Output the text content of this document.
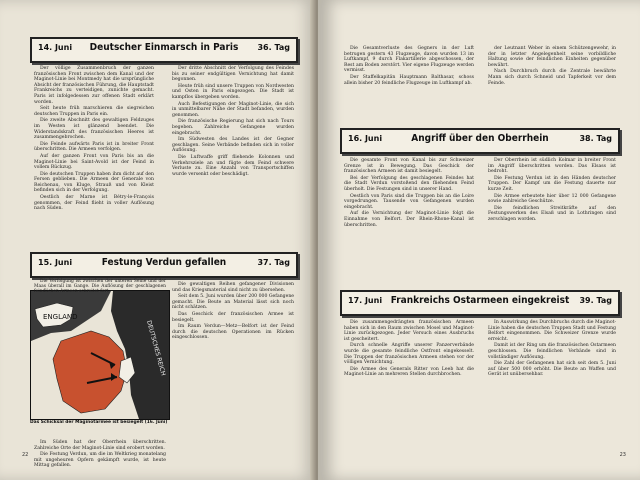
14. Juni	Deutscher Einmarsch in Paris	36. Tag

Der völlige Zusammenbruch der ganzen französischen Front zwischen dem Kanal und der Maginot-Linie bei Montmedy hat die ursprüngliche Absicht der französischen Führung, die Hauptstadt Frankreichs zu verteidigen, zunichte gemacht. Paris ist infolgedessen zur offenen Stadt erklärt worden.

Seit heute früh marschieren die siegreichen deutschen Truppen in Paris ein.

Die zweite Abschnitt des gewaltigen Feldzuges im Westen ist glänzend beendet. Die Widerstandskraft des französischen Heeres ist zusammengebrochen.

Die Feinde aufwärts Paris ist in breiter Front überschritten. Die Armeen verfolgen.

Auf der ganzen Front von Paris bis an die Maginot-Linie bei Saint-Avold ist der Feind in vollem Rückzug.

Die deutschen Truppen haben ihm dicht auf den Fersen geblieben. Die Armeen der Generale von Reichenau, von Kluge, Strauß und von Kleist befinden sich in der Verfolgung.

Oestlich der Marne ist Bétry-le-François genommen, der Feind flieht in voller Auflösung nach Süden.

Der dritte Abschnitt der Verfolgung des Feindes bis zu seiner endgültigen Vernichtung hat damit begonnen.

Heute früh sind unsere Truppen von Nordwesten und Osten in Paris eingezogen. Die Stadt ist kampflos übergeben worden.

Auch Befestigungen der Maginot-Linie, die sich in unmittelbarer Nähe der Stadt befanden, wurden genommen.

Die französische Regierung hat sich nach Tours begeben. Zahlreiche Gefangene wurden eingebracht.

Im Südwesten des Landes ist der Gegner geschlagen. Seine Verbände befinden sich in voller Auflösung.

Die Luftwaffe griff fliehende Kolonnen und Verkehrsziele an und fügte dem Feind schwere Verluste zu. Eine Anzahl von Transportschiffen wurde versenkt oder beschädigt.

15. Juni	Festung Verdun gefallen	37. Tag
ENGLAND
DEUTSCHES REICH
Das Schicksal der Maginotarmee ist besiegelt (16. Juni)

Die gewaltigen Reihen gefangener Divisionen und das Kriegsmaterial sind nicht zu übersehen.

Seit dem 5. Juni wurden über 200 000 Gefangene gemacht. Die Beute an Material lässt sich noch nicht schätzen.

Das Geschick der französischen Armee ist besiegelt.

Im Raum Verdun—Metz—Belfort ist der Feind durch die deutschen Operationen im Rücken eingeschlossen.

22

Die Gesamtverluste des Gegners in der Luft betrugen gestern 43 Flugzeuge, davon wurden 13 im Luftkampf, 9 durch Flakartillerie abgeschossen, der Rest am Boden zerstört. Vier eigene Flugzeuge werden vermisst.

Der Staffelkapitän Hauptmann Balthasar, schoss allein bisher 20 feindliche Flugzeuge im Luftkampf ab.

der Leutnant Weber in einem Schützengewehr, in der in letzter Angelegenheit seine vorbildliche Haltung sowie der feindlichen Einheiten gegenüber bewährt.

Nach Durchbruch durch die Zentrale bewährte Mann sich durch Schneid und Tapferkeit vor dem Feinde.

16. Juni	Angriff über den Oberrhein	38. Tag

Die gesamte Front von Kanal bis zur Schweizer Grenze ist in Bewegung. Das Geschick der französischen Armeen ist damit besiegelt.

Bei der Verfolgung des geschlagenen Feindes hat die Stadt Verdun vorstoßend den fliehenden Feind überholt. Die Festungen sind in unserer Hand.

Oestlich von Paris sind die Truppen bis an die Loire vorgedrungen. Tausende von Gefangenen wurden eingebracht.

Auf die Vernichtung der Maginot-Linie folgt die Einnahme von Belfort. Der Rhein-Rhone-Kanal ist überschritten.

Der Oberrhein ist südlich Kolmar in breiter Front im Angriff überschritten worden. Das Elsass ist bedroht.

Die Festung Verdun ist in den Händen deutscher Truppen. Der Kampf um die Festung dauerte nur kurze Zeit.

Die Armee erbeutete hier über 12 000 Gefangene sowie zahlreiche Geschütze.

Die feindlichen Streitkräfte auf den Festungswerken des Elsaß und in Lothringen sind zerschlagen worden.

17. Juni Frankreichs Ostarmeen eingekreist	39. Tag

Die zusammengedrängten französischen Armeen haben sich in den Raum zwischen Mosel und Maginot-Linie zurückgezogen. Jeder Versuch eines Ausbruchs ist gescheitert.

Durch schnelle Angriffe unserer Panzerverbände wurde die gesamte feindliche Ostfront eingekesselt. Die Truppen der französischen Armeen stehen vor der völligen Vernichtung.

Die Armee des Generals Ritter von Leeb hat die Maginot-Linie an mehreren Stellen durchbrochen.

In Auswirkung des Durchbruchs durch die Maginot-Linie haben die deutschen Truppen Stadt und Festung Belfort eingenommen. Die Schweizer Grenze wurde erreicht.

Damit ist der Ring um die französischen Ostarmeen geschlossen. Die feindlichen Verbände sind in vollständiger Auflösung.

Die Zahl der Gefangenen hat sich seit dem 5. Juni auf über 500 000 erhöht. Die Beute an Waffen und Gerät ist unübersehbar.

23

Die Verfolgung ist zwischen der unteren Seine und der Maas überall im Gange. Die Auflösung der geschlagenen feindlichen Armeen schreitet fort.

Im Süden hat der Oberrhein überschritten. Zahlreiche Orte der Maginot-Linie sind erobert worden.

Die Festung Verdun, um die im Weltkrieg monatelang mit ungeheuren Opfern gekämpft wurde, ist heute Mittag gefallen.
